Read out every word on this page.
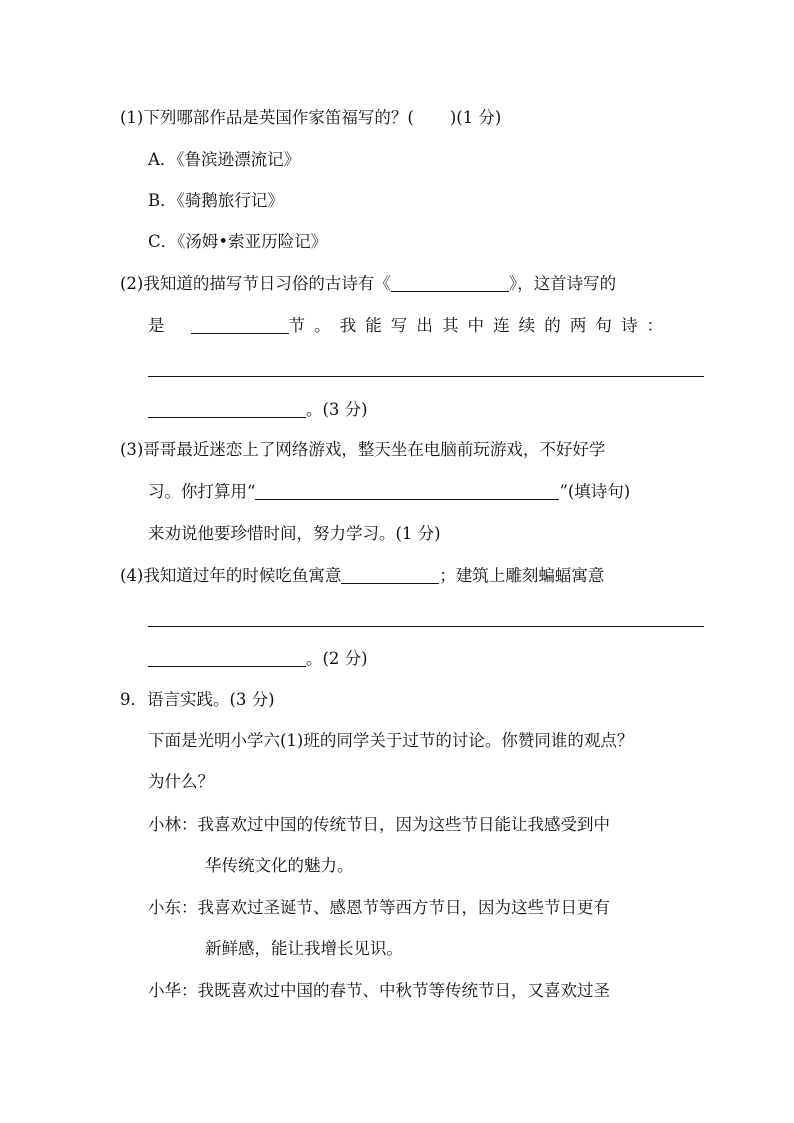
(1)下列哪部作品是英国作家笛福写的？( )(1 分)
A．《鲁滨逊漂流记》
B．《骑鹅旅行记》
C．《汤姆•索亚历险记》
(2)我知道的描写节日习俗的古诗有《	》，这首诗写的
是	节。我能写出其中连续的两句诗：
。(3 分)
(3)哥哥最近迷恋上了网络游戏，整天坐在电脑前玩游戏，不好好学
习。你打算用“	”(填诗句)
来劝说他要珍惜时间，努力学习。(1 分)
(4)我知道过年的时候吃鱼寓意	；建筑上雕刻蝙蝠寓意
。(2 分)
9．语言实践。(3 分)
下面是光明小学六(1)班的同学关于过节的讨论。你赞同谁的观点？
为什么？
小林：我喜欢过中国的传统节日，因为这些节日能让我感受到中
华传统文化的魅力。
小东：我喜欢过圣诞节、感恩节等西方节日，因为这些节日更有
新鲜感，能让我增长见识。
小华：我既喜欢过中国的春节、中秋节等传统节日，又喜欢过圣
